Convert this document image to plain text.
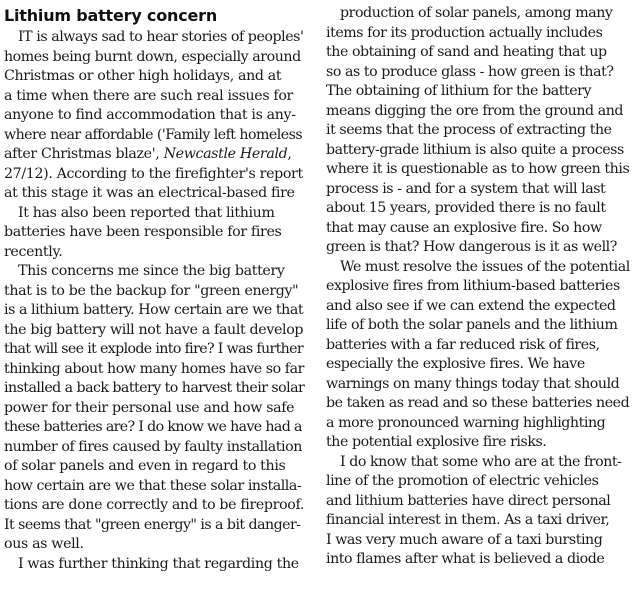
Lithium battery concern
IT is always sad to hear stories of peoples'
homes being burnt down, especially around
Christmas or other high holidays, and at
a time when there are such real issues for
anyone to find accommodation that is any-
where near affordable ('Family left homeless
after Christmas blaze', Newcastle Herald,
27/12). According to the firefighter's report
at this stage it was an electrical-based fire
It has also been reported that lithium
batteries have been responsible for fires
recently.
This concerns me since the big battery
that is to be the backup for "green energy"
is a lithium battery. How certain are we that
the big battery will not have a fault develop
that will see it explode into fire? I was further
thinking about how many homes have so far
installed a back battery to harvest their solar
power for their personal use and how safe
these batteries are? I do know we have had a
number of fires caused by faulty installation
of solar panels and even in regard to this
how certain are we that these solar installa-
tions are done correctly and to be fireproof.
It seems that "green energy" is a bit danger-
ous as well.
I was further thinking that regarding the
production of solar panels, among many
items for its production actually includes
the obtaining of sand and heating that up
so as to produce glass - how green is that?
The obtaining of lithium for the battery
means digging the ore from the ground and
it seems that the process of extracting the
battery-grade lithium is also quite a process
where it is questionable as to how green this
process is - and for a system that will last
about 15 years, provided there is no fault
that may cause an explosive fire. So how
green is that? How dangerous is it as well?
We must resolve the issues of the potential
explosive fires from lithium-based batteries
and also see if we can extend the expected
life of both the solar panels and the lithium
batteries with a far reduced risk of fires,
especially the explosive fires. We have
warnings on many things today that should
be taken as read and so these batteries need
a more pronounced warning highlighting
the potential explosive fire risks.
I do know that some who are at the front-
line of the promotion of electric vehicles
and lithium batteries have direct personal
financial interest in them. As a taxi driver,
I was very much aware of a taxi bursting
into flames after what is believed a diode
